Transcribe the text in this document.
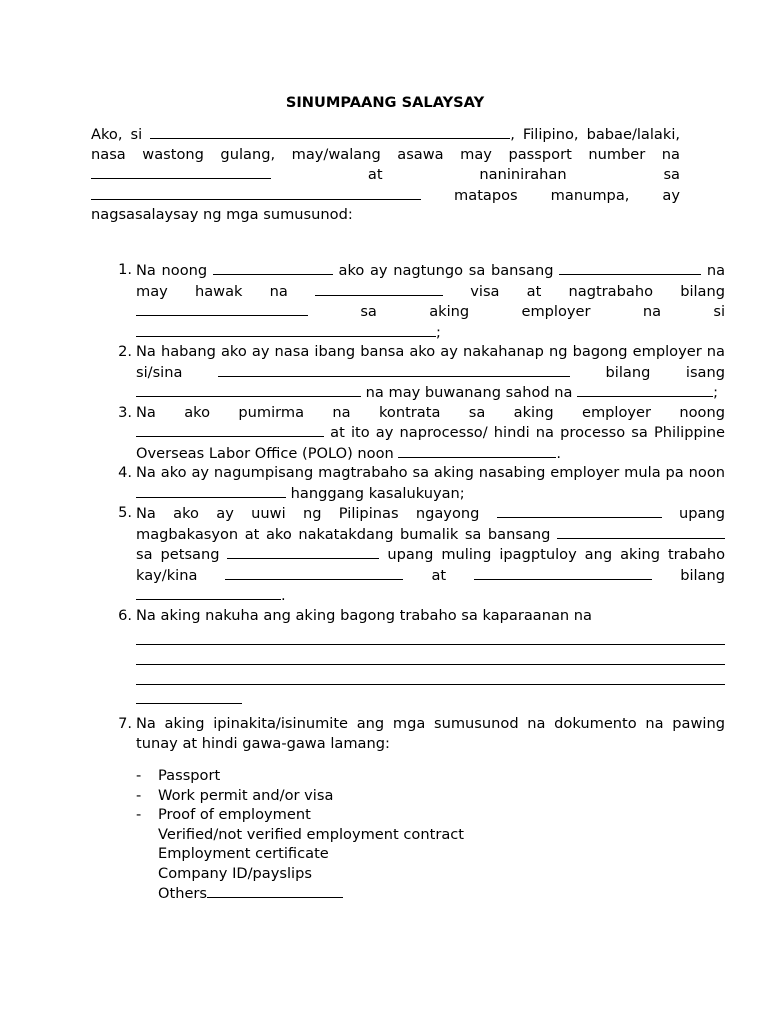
SINUMPAANG SALAYSAY
Ako, si	, Filipino, babae/lalaki, nasa wastong gulang, may/walang asawa may passport number na  at naninirahan sa  matapos manumpa, ay nagsasalaysay ng mga sumusunod:
1. Na noong	ako ay nagtungo sa bansang	na may hawak na	visa at nagtrabaho bilang  sa aking employer na si ;
2. Na habang ako ay nasa ibang bansa ako ay nakahanap ng bagong employer na si/sina	bilang isang  na may buwanang sahod na	;
3. Na ako pumirma na kontrata sa aking employer noong  at ito ay naprocesso/ hindi na processo sa Philippine Overseas Labor Office (POLO) noon	.
4. Na ako ay nagumpisang magtrabaho sa aking nasabing employer mula pa noon  hanggang kasalukuyan;
5. Na ako ay uuwi ng Pilipinas ngayong	upang magbakasyon at ako nakatakdang bumalik sa bansang  sa petsang	upang muling ipagptuloy ang aking trabaho kay/kina	at	bilang .
6. Na aking nakuha ang aking bagong trabaho sa kaparaanan na
7. Na aking ipinakita/isinumite ang mga sumusunod na dokumento na pawing tunay at hindi gawa-gawa lamang:
- Passport
- Work permit and/or visa
- Proof of employment
Verified/not verified employment contract
Employment certificate
Company ID/payslips
Others
